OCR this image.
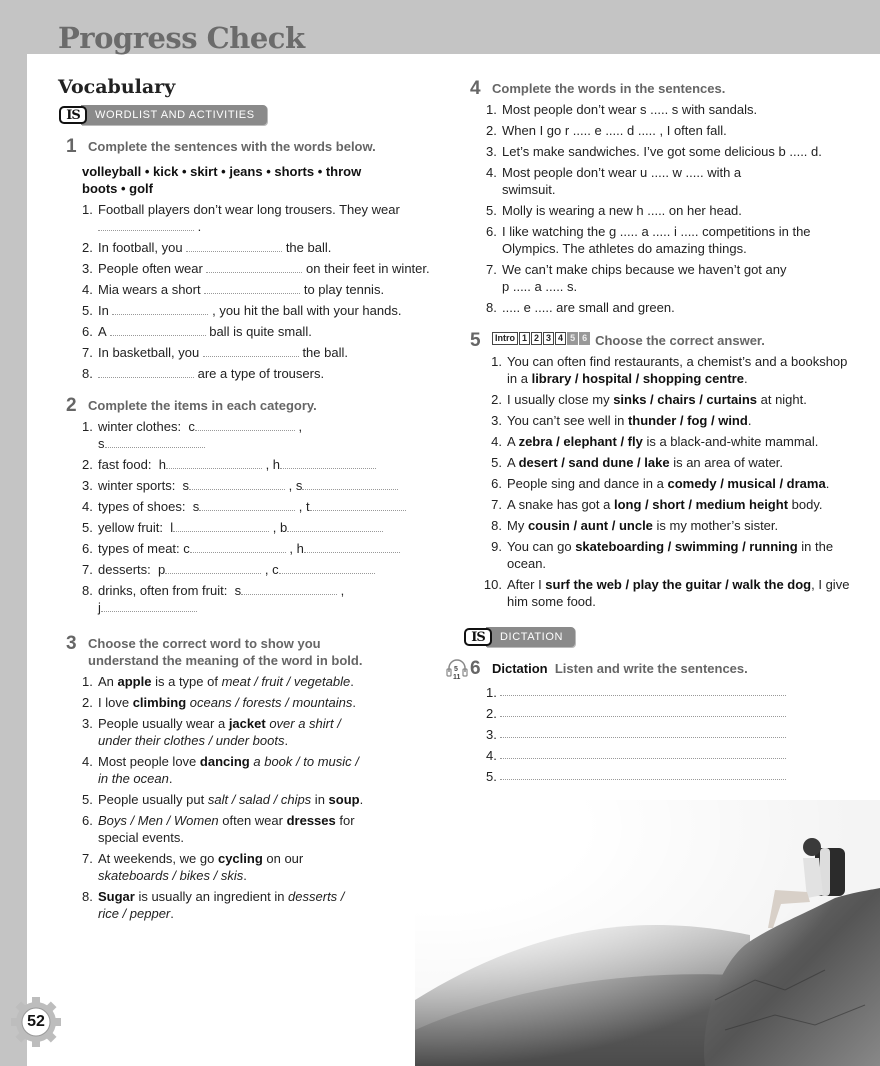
Progress Check
Vocabulary
IS	WORDLIST AND ACTIVITIES
1 Complete the sentences with the words below.
volleyball • kick • skirt • jeans • shorts • throw
boots • golf
1. Football players don’t wear long trousers. They wear
.
2. In football, you	the ball.
3. People often wear	on their feet in winter.
4. Mia wears a short	to play tennis.
5. In	, you hit the ball with your hands.
6. A	ball is quite small.
7. In basketball, you	the ball.
8.	are a type of trousers.
2 Complete the items in each category.
1. winter clothes: c	,
s
2. fast food: h	, h
3. winter sports: s	, s
4. types of shoes: s	, t
5. yellow fruit: l	, b
6. types of meat: c	, h
7. desserts: p	, c
8. drinks, often from fruit: s	,
j
3 Choose the correct word to show you understand the meaning of the word in bold.
1. An apple is a type of meat / fruit / vegetable.
2. I love climbing oceans / forests / mountains.
3. People usually wear a jacket over a shirt / under their clothes / under boots.
4. Most people love dancing a book / to music / in the ocean.
5. People usually put salt / salad / chips in soup.
6. Boys / Men / Women often wear dresses for special events.
7. At weekends, we go cycling on our skateboards / bikes / skis.
8. Sugar is usually an ingredient in desserts / rice / pepper.
4 Complete the words in the sentences.
1. Most people don’t wear s ..... s with sandals.
2. When I go r ..... e ..... d ..... , I often fall.
3. Let’s make sandwiches. I’ve got some delicious b ..... d.
4. Most people don’t wear u ..... w ..... with a swimsuit.
5. Molly is wearing a new h ..... on her head.
6. I like watching the g ..... a ..... i ..... competitions in the Olympics. The athletes do amazing things.
7. We can’t make chips because we haven’t got any p ..... a ..... s.
8. ..... e ..... are small and green.
5	Intro 1 2 3 4 5 6 Choose the correct answer.
1. You can often find restaurants, a chemist’s and a bookshop in a library / hospital / shopping centre.
2. I usually close my sinks / chairs / curtains at night.
3. You can’t see well in thunder / fog / wind.
4. A zebra / elephant / fly is a black-and-white mammal.
5. A desert / sand dune / lake is an area of water.
6. People sing and dance in a comedy / musical / drama.
7. A snake has got a long / short / medium height body.
8. My cousin / aunt / uncle is my mother’s sister.
9. You can go skateboarding / swimming / running in the ocean.
10. After I surf the web / play the guitar / walk the dog, I give him some food.
IS	DICTATION
5
11 6 Dictation Listen and write the sentences.
1.
2.
3.
4.
5.
52
